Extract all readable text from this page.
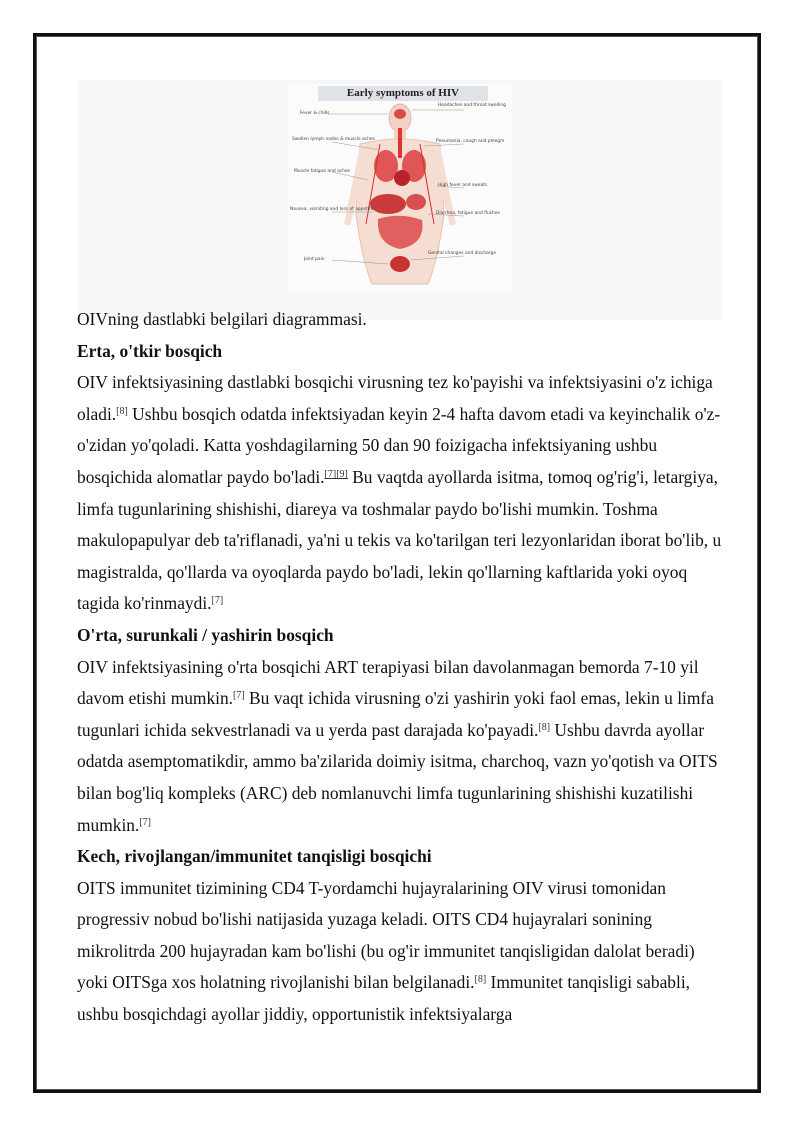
Fever & chills
Swollen lymph nodes & muscle aches
Muscle fatigue and aches
Nausea, vomiting and loss of appetite
Joint pain
Headaches and throat swelling
Pneumonia, cough and phlegm
High fever and sweats
Diarrhea, fatigue and flushes
Genital changes and discharge
Early symptoms of HIV

OIVning dastlabki belgilari diagrammasi.

Erta, o'tkir bosqich

OIV infektsiyasining dastlabki bosqichi virusning tez ko'payishi va infektsiyasini o'z ichiga oladi.[8] Ushbu bosqich odatda infektsiyadan keyin 2-4 hafta davom etadi va keyinchalik o'z-o'zidan yo'qoladi. Katta yoshdagilarning 50 dan 90 foizigacha infektsiyaning ushbu bosqichida alomatlar paydo bo'ladi.[7][9] Bu vaqtda ayollarda isitma, tomoq og'rig'i, letargiya, limfa tugunlarining shishishi, diareya va toshmalar paydo bo'lishi mumkin. Toshma makulopapulyar deb ta'riflanadi, ya'ni u tekis va ko'tarilgan teri lezyonlaridan iborat bo'lib, u magistralda, qo'llarda va oyoqlarda paydo bo'ladi, lekin qo'llarning kaftlarida yoki oyoq tagida ko'rinmaydi.[7]

O'rta, surunkali / yashirin bosqich

OIV infektsiyasining o'rta bosqichi ART terapiyasi bilan davolanmagan bemorda 7-10 yil davom etishi mumkin.[7] Bu vaqt ichida virusning o'zi yashirin yoki faol emas, lekin u limfa tugunlari ichida sekvestrlanadi va u yerda past darajada ko'payadi.[8] Ushbu davrda ayollar odatda asemptomatikdir, ammo ba'zilarida doimiy isitma, charchoq, vazn yo'qotish va OITS bilan bog'liq kompleks (ARC) deb nomlanuvchi limfa tugunlarining shishishi kuzatilishi mumkin.[7]

Kech, rivojlangan/immunitet tanqisligi bosqichi

OITS immunitet tizimining CD4 T-yordamchi hujayralarining OIV virusi tomonidan progressiv nobud bo'lishi natijasida yuzaga keladi. OITS CD4 hujayralari sonining mikrolitrda 200 hujayradan kam bo'lishi (bu og'ir immunitet tanqisligidan dalolat beradi) yoki OITSga xos holatning rivojlanishi bilan belgilanadi.[8] Immunitet tanqisligi sababli, ushbu bosqichdagi ayollar jiddiy, opportunistik infektsiyalarga
